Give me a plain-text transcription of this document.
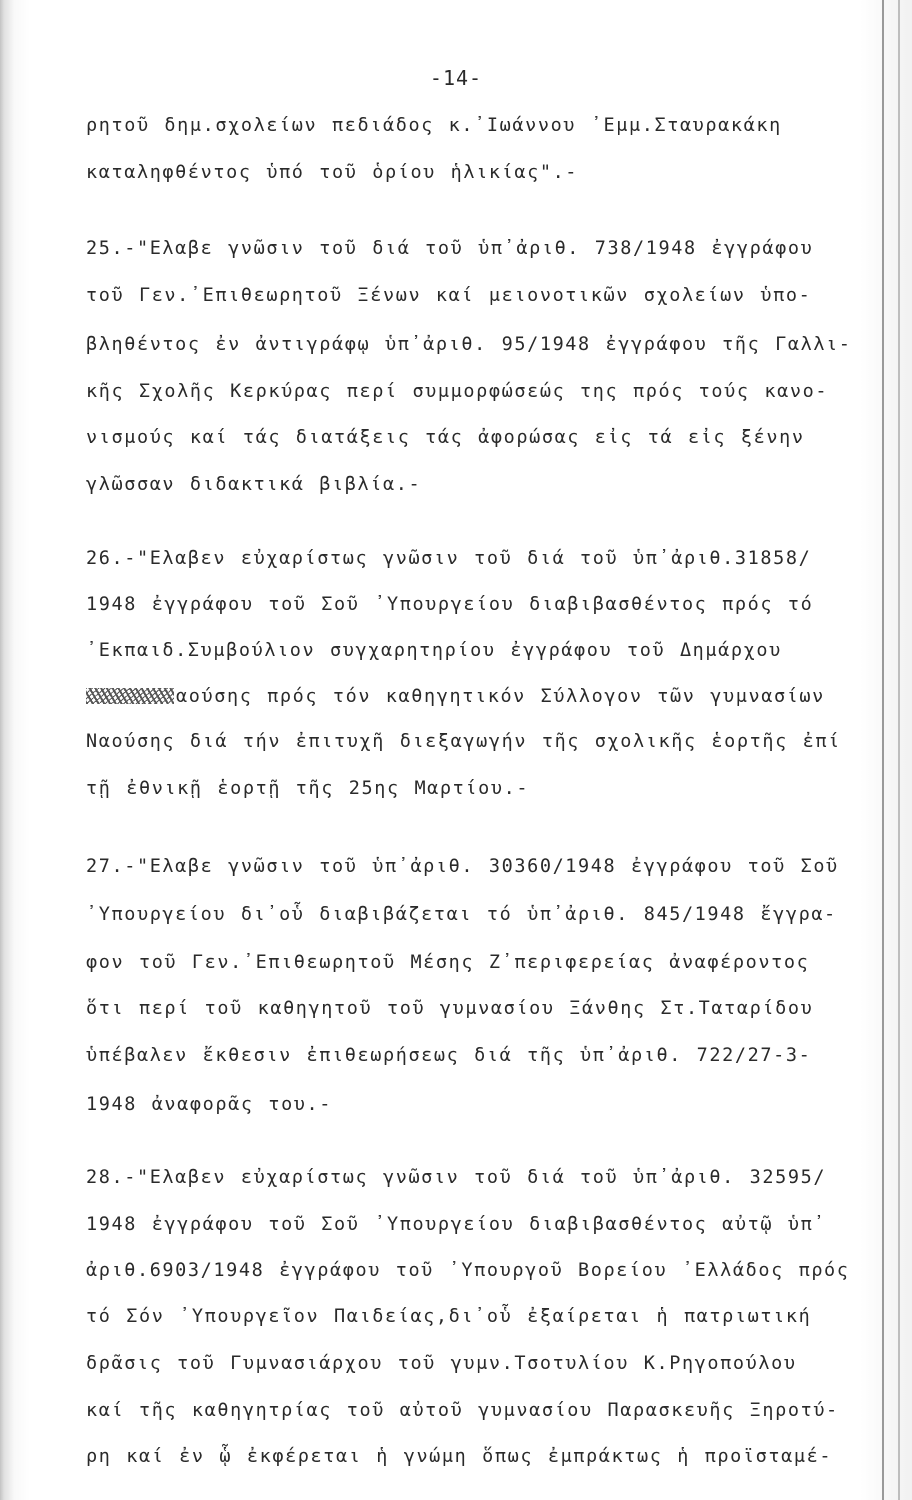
-14-
ρητοῦ δημ.σχολείων πεδιάδος κ.᾿Ιωάννου ᾿Εμμ.Σταυρακάκη
καταληφθέντος ὑπό τοῦ ὁρίου ἡλικίας".-
25.-"Ελαβε γνῶσιν τοῦ διά τοῦ ὑπ᾿ἀριθ. 738/1948 ἐγγράφου
τοῦ Γεν.᾿Επιθεωρητοῦ Ξένων καί μειονοτικῶν σχολείων ὑπο-
βληθέντος ἐν ἀντιγράφῳ ὑπ᾿ἀριθ. 95/1948 ἐγγράφου τῆς Γαλλι-
κῆς Σχολῆς Κερκύρας περί συμμορφώσεώς της πρός τούς κανο-
νισμούς καί τάς διατάξεις τάς ἀφορώσας εἰς τά εἰς ξένην
γλῶσσαν διδακτικά βιβλία.-
26.-"Ελαβεν εὐχαρίστως γνῶσιν τοῦ διά τοῦ ὑπ᾿ἀριθ.31858/
1948 ἐγγράφου τοῦ Σοῦ ᾿Υπουργείου διαβιβασθέντος πρός τό
᾿Εκπαιδ.Συμβούλιον συγχαρητηρίου ἐγγράφου τοῦ Δημάρχου
αούσης πρός τόν καθηγητικόν Σύλλογον τῶν γυμνασίων
Ναούσης διά τήν ἐπιτυχῆ διεξαγωγήν τῆς σχολικῆς ἑορτῆς ἐπί
τῇ ἐθνικῇ ἑορτῇ τῆς 25ης Μαρτίου.-
27.-"Ελαβε γνῶσιν τοῦ ὑπ᾿ἀριθ. 30360/1948 ἐγγράφου τοῦ Σοῦ
᾿Υπουργείου δι᾿οὗ διαβιβάζεται τό ὑπ᾿ἀριθ. 845/1948 ἔγγρα-
φον τοῦ Γεν.᾿Επιθεωρητοῦ Μέσης Ζ᾿περιφερείας ἀναφέροντος
ὅτι περί τοῦ καθηγητοῦ τοῦ γυμνασίου Ξάνθης Στ.Ταταρίδου
ὑπέβαλεν ἔκθεσιν ἐπιθεωρήσεως διά τῆς ὑπ᾿ἀριθ. 722/27-3-
1948 ἀναφορᾶς του.-
28.-"Ελαβεν εὐχαρίστως γνῶσιν τοῦ διά τοῦ ὑπ᾿ἀριθ. 32595/
1948 ἐγγράφου τοῦ Σοῦ ᾿Υπουργείου διαβιβασθέντος αὐτῷ ὑπ᾿
ἀριθ.6903/1948 ἐγγράφου τοῦ ᾿Υπουργοῦ Βορείου ᾿Ελλάδος πρός
τό Σόν ᾿Υπουργεῖον Παιδείας,δι᾿οὗ ἐξαίρεται ἡ πατριωτική
δρᾶσις τοῦ Γυμνασιάρχου τοῦ γυμν.Τσοτυλίου Κ.Ρηγοπούλου
καί τῆς καθηγητρίας τοῦ αὐτοῦ γυμνασίου Παρασκευῆς Ξηροτύ-
ρη καί ἐν ᾧ ἐκφέρεται ἡ γνώμη ὅπως ἐμπράκτως ἡ προϊσταμέ-
